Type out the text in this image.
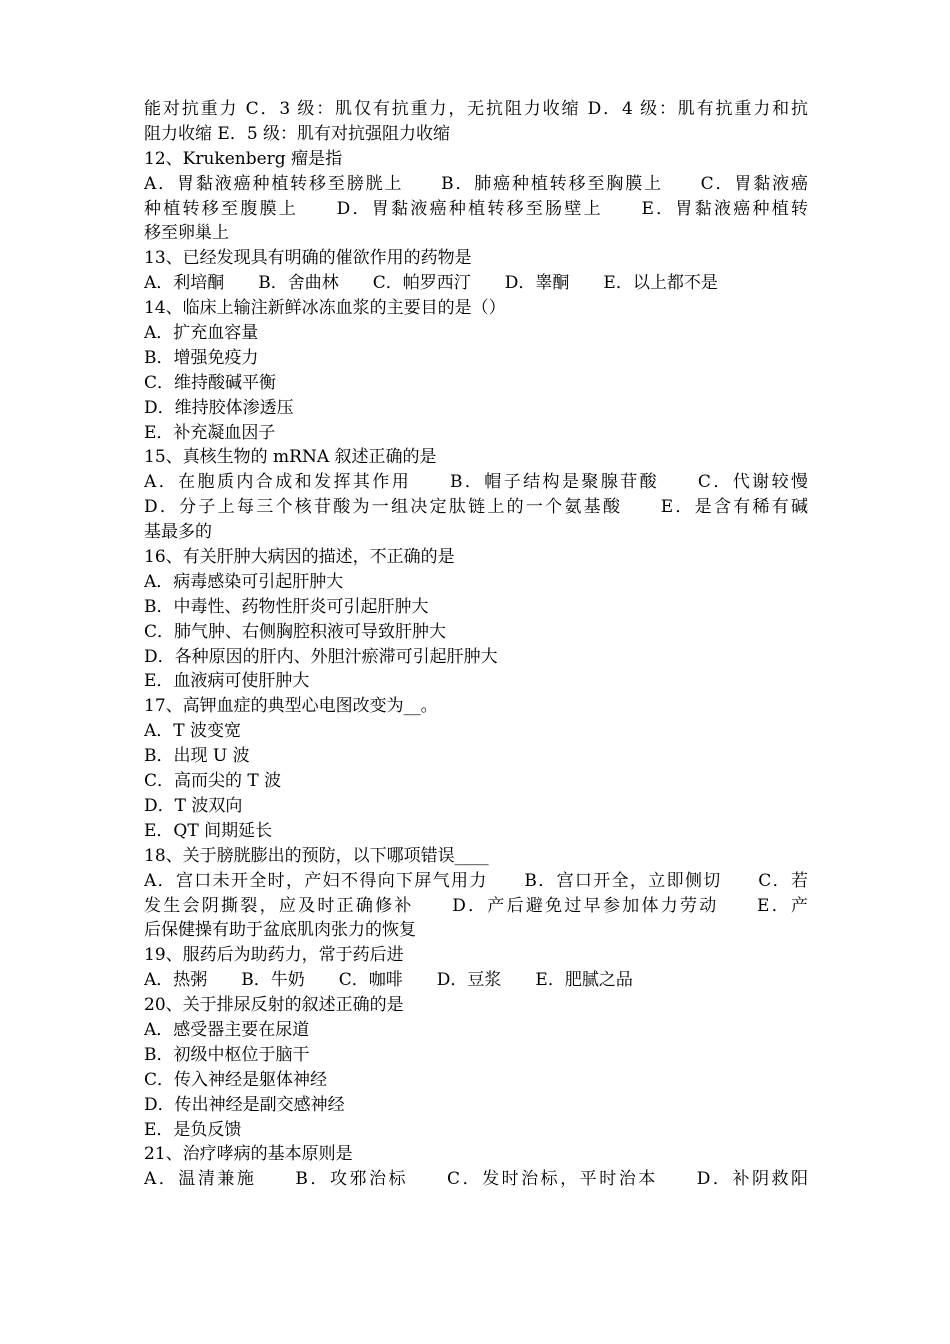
能对抗重力 C．3 级：肌仅有抗重力，无抗阻力收缩 D．4 级：肌有抗重力和抗
阻力收缩 E．5 级：肌有对抗强阻力收缩
12、Krukenberg 瘤是指
A．胃黏液癌种植转移至膀胱上　　B．肺癌种植转移至胸膜上　　C．胃黏液癌
种植转移至腹膜上　　D．胃黏液癌种植转移至肠壁上　　E．胃黏液癌种植转
移至卵巢上
13、已经发现具有明确的催欲作用的药物是
A．利培酮　　B．舍曲林　　C．帕罗西汀　　D．睾酮　　E．以上都不是
14、临床上输注新鲜冰冻血浆的主要目的是（）
A．扩充血容量
B．增强免疫力
C．维持酸碱平衡
D．维持胶体渗透压
E．补充凝血因子
15、真核生物的 mRNA 叙述正确的是
A．在胞质内合成和发挥其作用　　B．帽子结构是聚腺苷酸　　C．代谢较慢
D．分子上每三个核苷酸为一组决定肽链上的一个氨基酸　　E．是含有稀有碱
基最多的
16、有关肝肿大病因的描述，不正确的是
A．病毒感染可引起肝肿大
B．中毒性、药物性肝炎可引起肝肿大
C．肺气肿、右侧胸腔积液可导致肝肿大
D．各种原因的肝内、外胆汁瘀滞可引起肝肿大
E．血液病可使肝肿大
17、高钾血症的典型心电图改变为__。
A．T 波变宽
B．出现 U 波
C．高而尖的 T 波
D．T 波双向
E．QT 间期延长
18、关于膀胱膨出的预防，以下哪项错误____
A．宫口未开全时，产妇不得向下屏气用力　　B．宫口开全，立即侧切　　C．若
发生会阴撕裂，应及时正确修补　　D．产后避免过早参加体力劳动　　E．产
后保健操有助于盆底肌肉张力的恢复
19、服药后为助药力，常于药后进
A．热粥　　B．牛奶　　C．咖啡　　D．豆浆　　E．肥腻之品
20、关于排尿反射的叙述正确的是
A．感受器主要在尿道
B．初级中枢位于脑干
C．传入神经是躯体神经
D．传出神经是副交感神经
E．是负反馈
21、治疗哮病的基本原则是
A．温清兼施　　B．攻邪治标　　C．发时治标，平时治本　　D．补阴救阳
